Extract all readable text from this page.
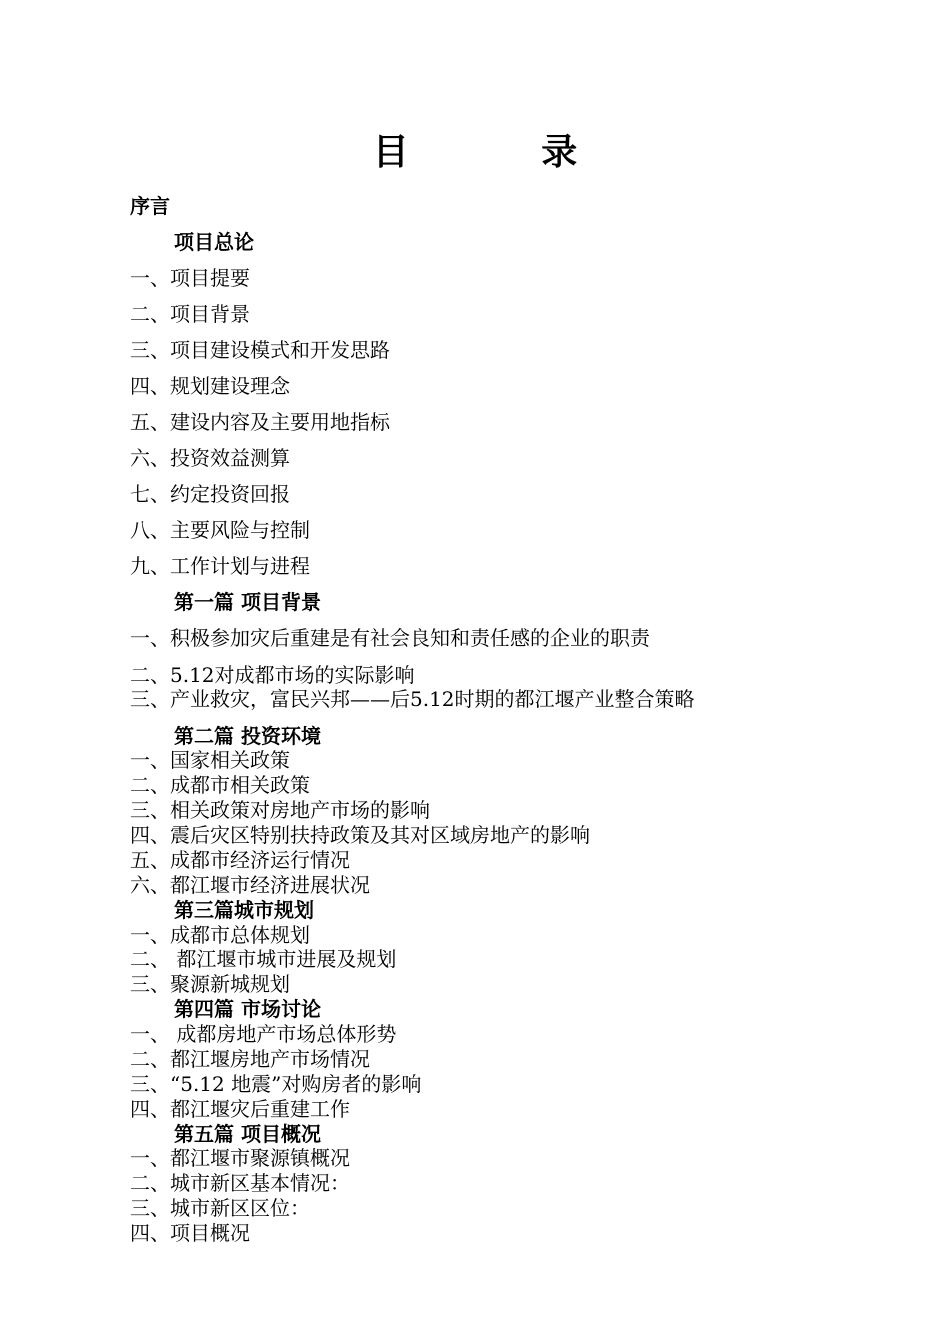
目 录
序言
项目总论
一、项目提要
二、项目背景
三、项目建设模式和开发思路
四、规划建设理念
五、建设内容及主要用地指标
六、投资效益测算
七、约定投资回报
八、主要风险与控制
九、工作计划与进程
第一篇 项目背景
一、积极参加灾后重建是有社会良知和责任感的企业的职责
二、5.12对成都市场的实际影响
三、产业救灾，富民兴邦——后5.12时期的都江堰产业整合策略
第二篇 投资环境
一、国家相关政策
二、成都市相关政策
三、相关政策对房地产市场的影响
四、震后灾区特别扶持政策及其对区域房地产的影响
五、成都市经济运行情况
六、都江堰市经济进展状况
第三篇城市规划
一、成都市总体规划
二、 都江堰市城市进展及规划
三、聚源新城规划
第四篇 市场讨论
一、 成都房地产市场总体形势
二、都江堰房地产市场情况
三、“5.12 地震”对购房者的影响
四、都江堰灾后重建工作
第五篇 项目概况
一、都江堰市聚源镇概况
二、城市新区基本情况：
三、城市新区区位：
四、项目概况
